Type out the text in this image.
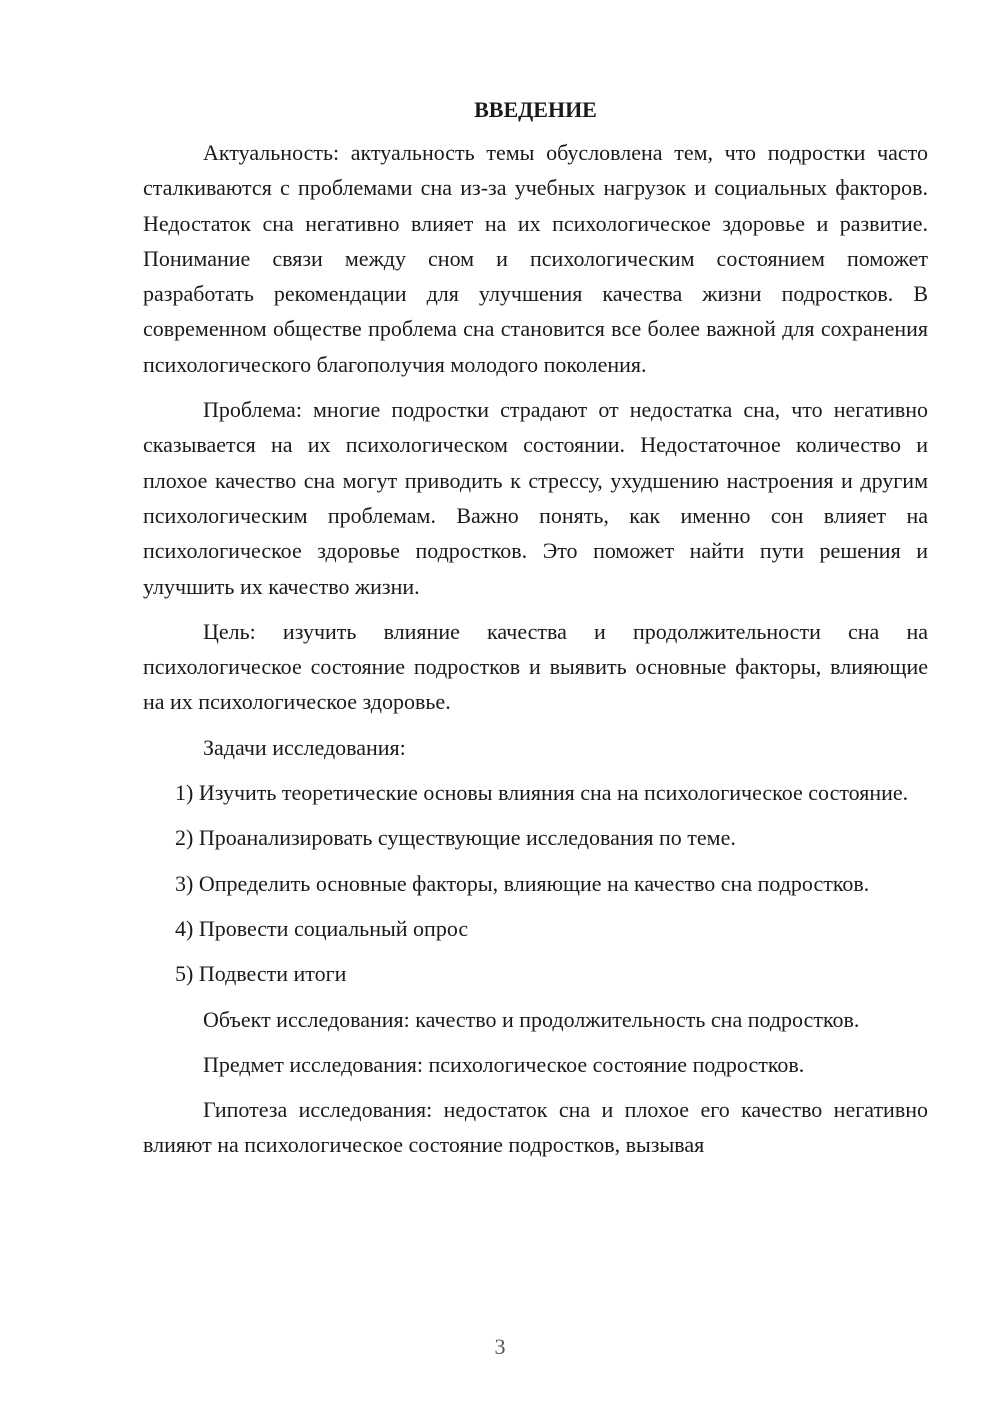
ВВЕДЕНИЕ

Актуальность: актуальность темы обусловлена тем, что подростки часто сталкиваются с проблемами сна из-за учебных нагрузок и социальных факторов. Недостаток сна негативно влияет на их психологическое здоровье и развитие. Понимание связи между сном и психологическим состоянием поможет разработать рекомендации для улучшения качества жизни подростков. В современном обществе проблема сна становится все более важной для сохранения психологического благополучия молодого поколения.

Проблема: многие подростки страдают от недостатка сна, что негативно сказывается на их психологическом состоянии. Недостаточное количество и плохое качество сна могут приводить к стрессу, ухудшению настроения и другим психологическим проблемам. Важно понять, как именно сон влияет на психологическое здоровье подростков. Это поможет найти пути решения и улучшить их качество жизни.

Цель: изучить влияние качества и продолжительности сна на психологическое состояние подростков и выявить основные факторы, влияющие на их психологическое здоровье.

Задачи исследования:

1) Изучить теоретические основы влияния сна на психологическое состояние.

2) Проанализировать существующие исследования по теме.

3) Определить основные факторы, влияющие на качество сна подростков.

4) Провести социальный опрос

5) Подвести итоги

Объект исследования: качество и продолжительность сна подростков.

Предмет исследования: психологическое состояние подростков.

Гипотеза исследования: недостаток сна и плохое его качество негативно влияют на психологическое состояние подростков, вызывая

3
